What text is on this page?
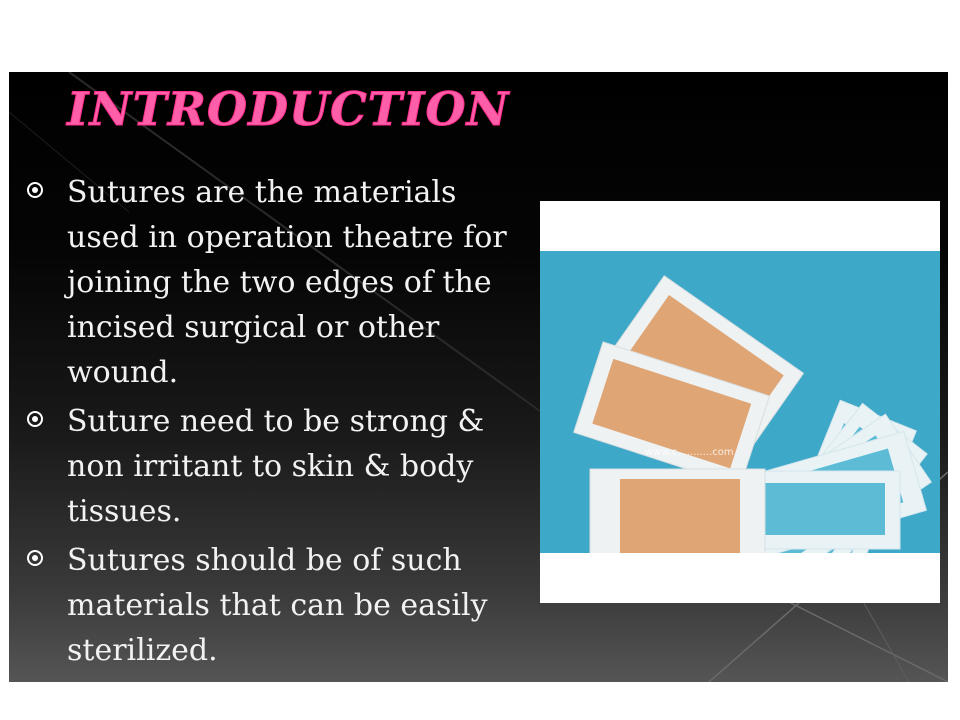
INTRODUCTION
Sutures are the materials used in operation theatre for joining the two edges of the incised surgical or other wound.
Suture need to be strong & non irritant to skin & body tissues.
Sutures should be of such materials that can be easily sterilized.
www.c...........com
